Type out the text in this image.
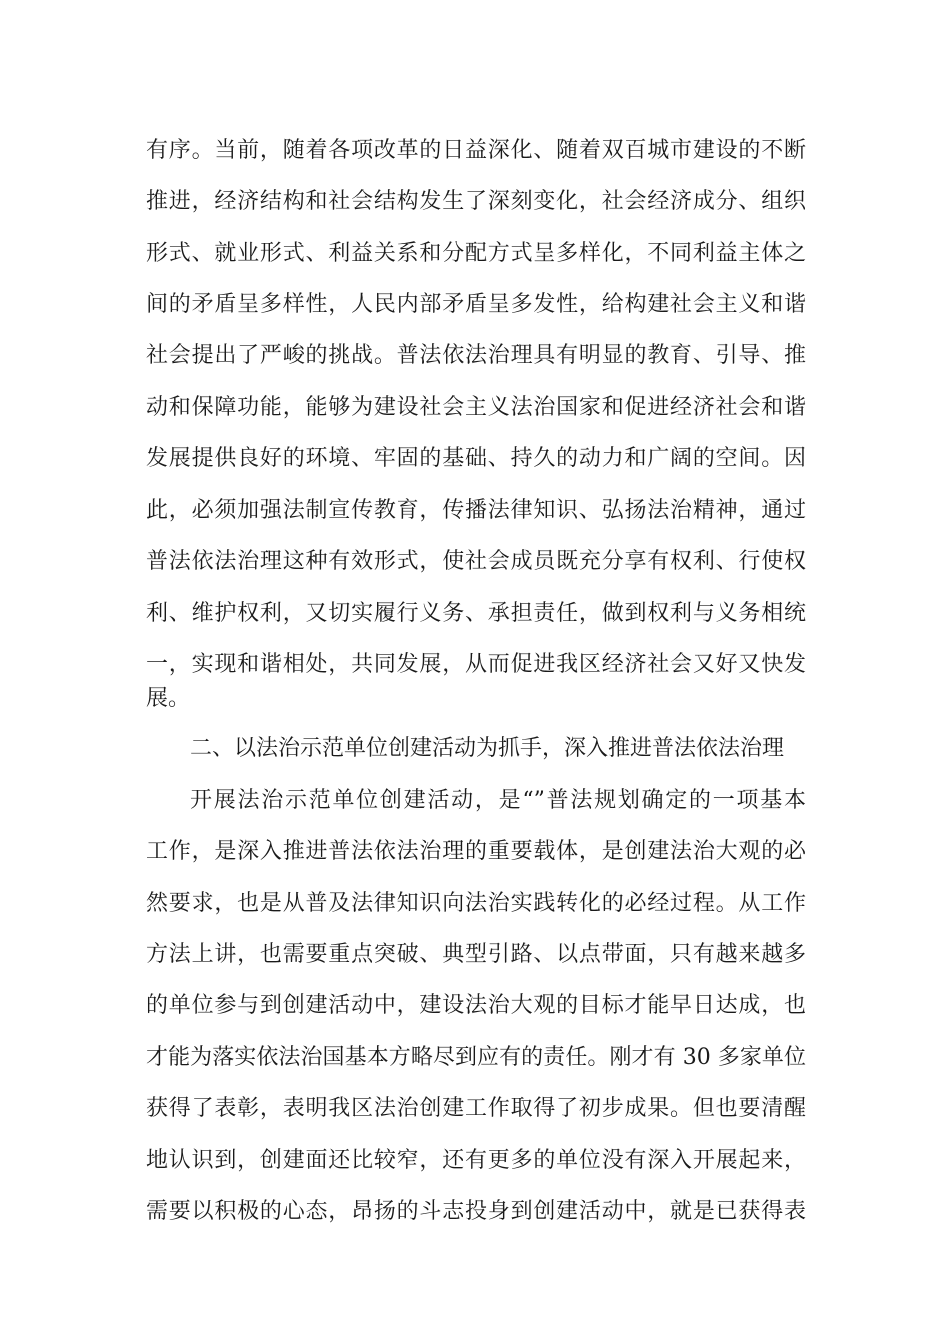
有序。当前，随着各项改革的日益深化、随着双百城市建设的不断
推进，经济结构和社会结构发生了深刻变化，社会经济成分、组织
形式、就业形式、利益关系和分配方式呈多样化，不同利益主体之
间的矛盾呈多样性，人民内部矛盾呈多发性，给构建社会主义和谐
社会提出了严峻的挑战。普法依法治理具有明显的教育、引导、推
动和保障功能，能够为建设社会主义法治国家和促进经济社会和谐
发展提供良好的环境、牢固的基础、持久的动力和广阔的空间。因
此，必须加强法制宣传教育，传播法律知识、弘扬法治精神，通过
普法依法治理这种有效形式，使社会成员既充分享有权利、行使权
利、维护权利，又切实履行义务、承担责任，做到权利与义务相统
一，实现和谐相处，共同发展，从而促进我区经济社会又好又快发
展。
二、以法治示范单位创建活动为抓手，深入推进普法依法治理
开展法治示范单位创建活动，是“”普法规划确定的一项基本
工作，是深入推进普法依法治理的重要载体，是创建法治大观的必
然要求，也是从普及法律知识向法治实践转化的必经过程。从工作
方法上讲，也需要重点突破、典型引路、以点带面，只有越来越多
的单位参与到创建活动中，建设法治大观的目标才能早日达成，也
才能为落实依法治国基本方略尽到应有的责任。刚才有 30 多家单位
获得了表彰，表明我区法治创建工作取得了初步成果。但也要清醒
地认识到，创建面还比较窄，还有更多的单位没有深入开展起来，
需要以积极的心态，昂扬的斗志投身到创建活动中，就是已获得表
